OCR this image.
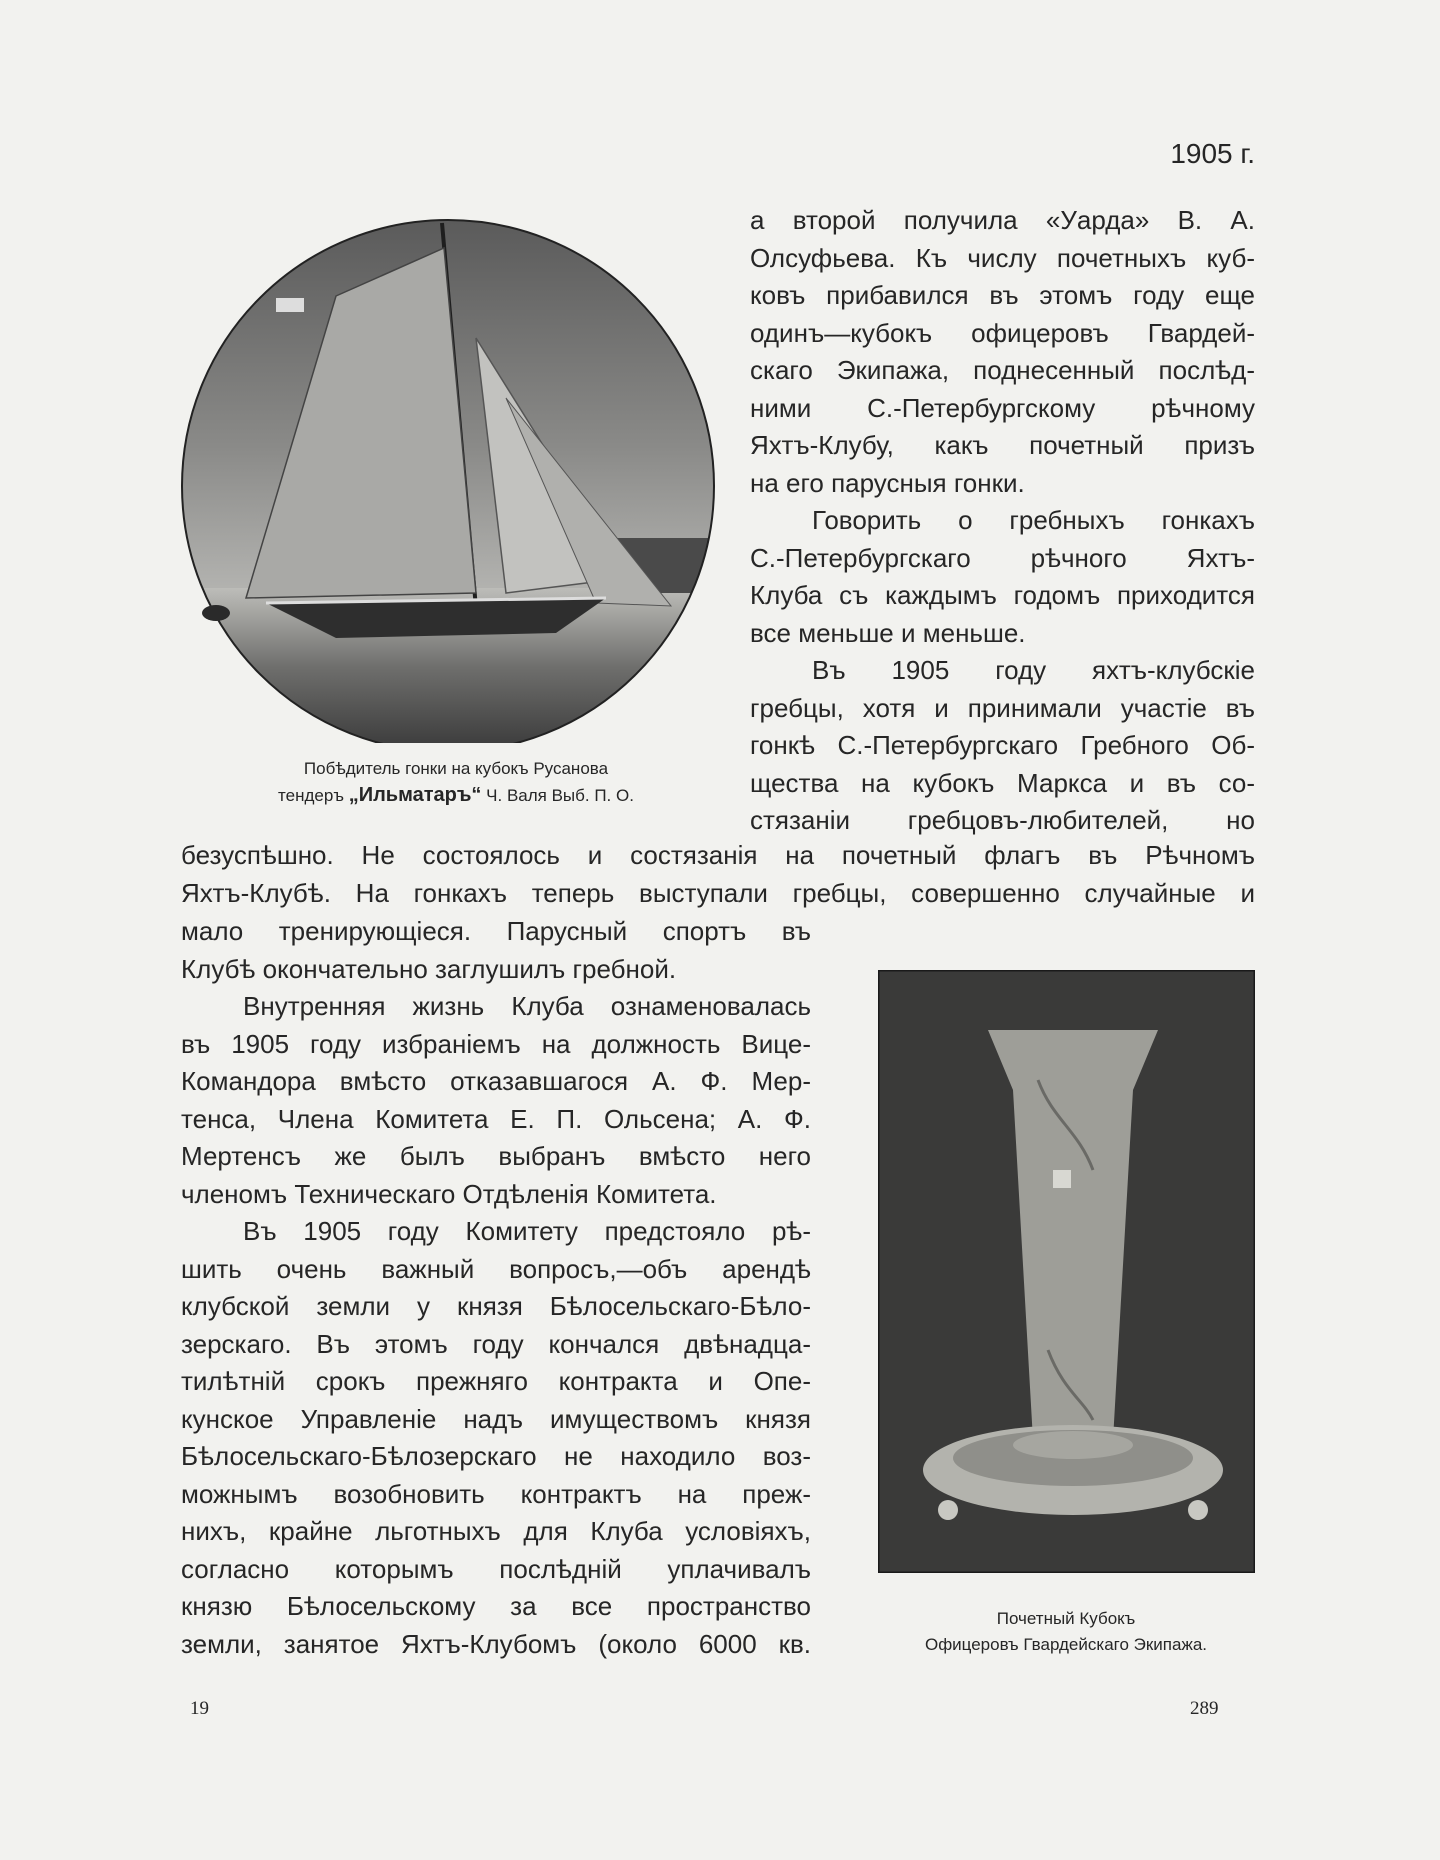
1905 г.
Побѣдитель гонки на кубокъ Русанова
тендеръ „Ильматаръ“ Ч. Валя Выб. П. О.
Почетный Кубокъ
Офицеровъ Гвардейскаго Экипажа.
а второй получила «Уарда» В. А.
Олсуфьева. Къ числу почетныхъ куб-
ковъ прибавился въ этомъ году еще
одинъ—кубокъ офицеровъ Гвардей-
скаго Экипажа, поднесенный послѣд-
ними С.-Петербургскому рѣчному
Яхтъ-Клубу, какъ почетный призъ
на его парусныя гонки.
Говорить о гребныхъ гонкахъ
С.-Петербургскаго рѣчного Яхтъ-
Клуба съ каждымъ годомъ приходится
все меньше и меньше.
Въ 1905 году яхтъ-клубскіе
гребцы, хотя и принимали участіе въ
гонкѣ С.-Петербургскаго Гребного Об-
щества на кубокъ Маркса и въ со-
стязаніи гребцовъ-любителей, но
безуспѣшно. Не состоялось и состязанія на почетный флагъ въ Рѣчномъ
Яхтъ-Клубѣ. На гонкахъ теперь выступали гребцы, совершенно случайные и
мало тренирующіеся. Парусный спортъ въ
Клубѣ окончательно заглушилъ гребной.
Внутренняя жизнь Клуба ознаменовалась
въ 1905 году избраніемъ на должность Вице-
Командора вмѣсто отказавшагося А. Ф. Мер-
тенса, Члена Комитета Е. П. Ольсена; А. Ф.
Мертенсъ же былъ выбранъ вмѣсто него
членомъ Техническаго Отдѣленія Комитета.
Въ 1905 году Комитету предстояло рѣ-
шить очень важный вопросъ,—объ арендѣ
клубской земли у князя Бѣлосельскаго-Бѣло-
зерскаго. Въ этомъ году кончался двѣнадца-
тилѣтній срокъ прежняго контракта и Опе-
кунское Управленіе надъ имуществомъ князя
Бѣлосельскаго-Бѣлозерскаго не находило воз-
можнымъ возобновить контрактъ на преж-
нихъ, крайне льготныхъ для Клуба условіяхъ,
согласно которымъ послѣдній уплачивалъ
князю Бѣлосельскому за все пространство
земли, занятое Яхтъ-Клубомъ (около 6000 кв.
19	289
